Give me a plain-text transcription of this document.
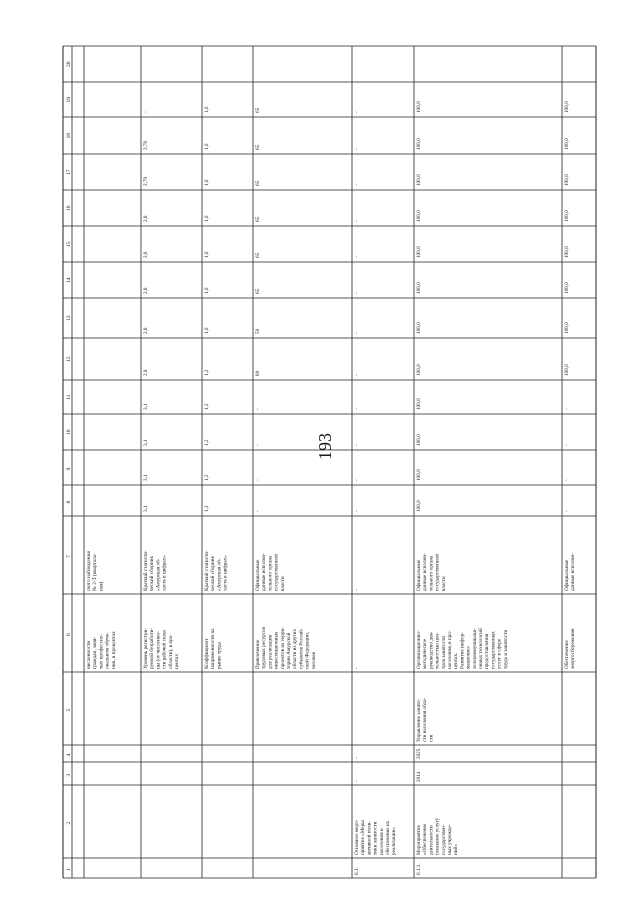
193
1
2
3
4
5
6
7
8
9
10
11
12
13
14
15
16
17
18
19
20
численности граждан, заня- тых профессио- ональном обуче- нии, в процентах
ского наблюдения № 2-Т (квартала- ная)
Уровень регистри- руемой безработи- цы (от численно- сти рабочей силы области), в про- центах
Краткий статисти- ческий сборник «Амурская об- ласть в цифрах»
3,1
3,1
3,1
3,1
2,9
2,8
2,8
2,8
2,8
2,79
2,78
-
Коэффициент напряженности на рынке труда
Краткий статисти- ческий сборник «Амурская об- ласть в цифрах»
1,3
1,2
1,2
1,2
1,2
1,0
1,0
1,0
1,0
1,0
1,0
1,0
Привлечение трудовых ресурсов для реализации инвестиционных проектов на терри- тории Амурской области из других субъектов Россий- ской Федерации, человек
Официальные данные исполни- тельного органа государственной власти
-
-
-
-
80
50
65
65
65
65
65
65
6.1.
Основное меро- приятие «Меры активной поли- тики занятости населения и обеспечение их реализации»
-
-
-
-
-
-
-
-
-
-
-
-
-
-
-
-
6.1.1.
Мероприятие «Обеспечение деятельности (оказание услуг) государствен- ных учрежде- ний»
2014
2025
Управление занято- сти населения обла- сти
Организационно- методическое руководство дея- тельностью цен- тров занятости населения, в про- центах. Развитие инфор- мационно- телекоммуникаци- онных технологий предоставления государственных услуг в сфере труда и занятости
Официальные данные исполни- тельного органа государственной власти
100,0
100,0
100,0
100,0
100,0
100,0
100,0
100,0
100,0
100,0
100,0
100,0
Обеспечение энергосбережения
Официальные данные исполни-
-
-
-
-
100,0
100,0
100,0
100,0
100,0
100,0
100,0
100,0
